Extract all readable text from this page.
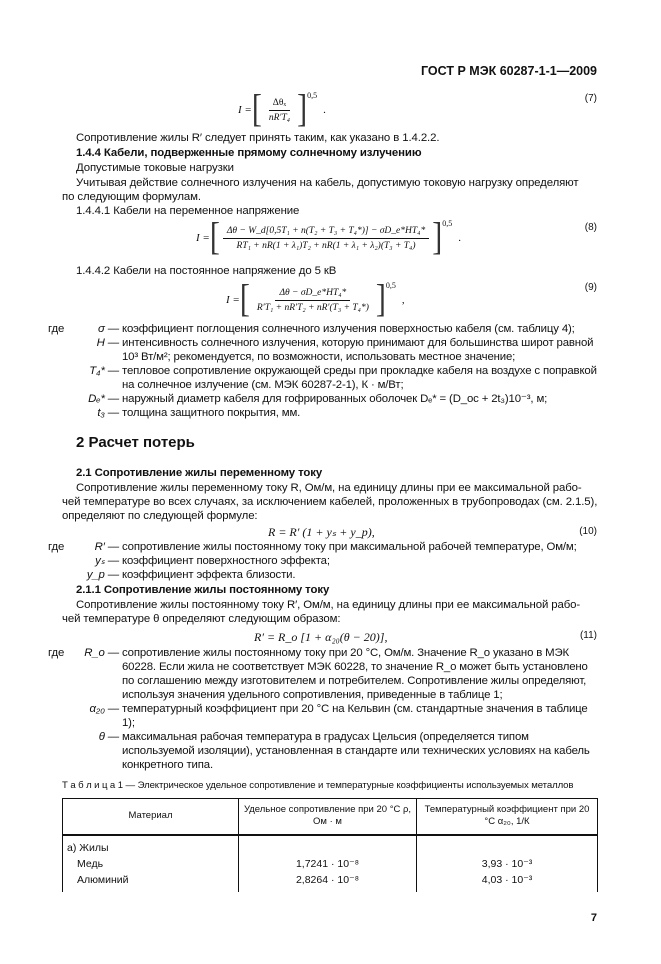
ГОСТ Р МЭК 60287-1-1—2009
I = [ $\frac{\text{Δθₓ}}{\text{nR′T₄}}$ ] 0,5
.
(7)
Сопротивление жилы R′ следует принять таким, как указано в 1.4.2.2.
1.4.4 Кабели, подверженные прямому солнечному излучению
Допустимые токовые нагрузки
Учитывая действие солнечного излучения на кабель, допустимую токовую нагрузку определяют
по следующим формулам.
1.4.4.1 Кабели на переменное напряжение
I = [ $\frac{\text{Δθ − W\_d[0,5T₁ + n(T₂ + T₃ + T₄*)] − σD\_e*HT₄*}}{\text{RT₁ + nR(1 + λ₁)T₂ + nR(1 + λ₁ + λ₂)(T₃ + T₄)}}$ ] 0,5
.
(8)
1.4.4.2 Кабели на постоянное напряжение до 5 кВ
I = [ $\frac{\text{Δθ − σD\_e*HT₄*}}{\text{R′T₁ + nR′T₂ + nR′(T₃ + T₄*)}}$ ] 0,5
,
(9)
где	σ — коэффициент поглощения солнечного излучения поверхностью кабеля (см. таблицу 4);
H — интенсивность солнечного излучения, которую принимают для большинства широт равной 10³ Вт/м²; рекомендуется, по возможности, использовать местное значение;
T₄* — тепловое сопротивление окружающей среды при прокладке кабеля на воздухе с поправкой на солнечное излучение (см. МЭК 60287-2-1), К · м/Вт;
Dₑ* — наружный диаметр кабеля для гофрированных оболочек Dₑ* = (D_oc + 2t₃)10⁻³, м;
t₃ — толщина защитного покрытия, мм.
2 Расчет потерь
2.1 Сопротивление жилы переменному току
Сопротивление жилы переменному току R, Ом/м, на единицу длины при ее максимальной рабо-
чей температуре во всех случаях, за исключением кабелей, проложенных в трубопроводах (см. 2.1.5),
определяют по следующей формуле:
R = R′ (1 + yₛ + y_p),	(10)
где	R′ — сопротивление жилы постоянному току при максимальной рабочей температуре, Ом/м;
yₛ — коэффициент поверхностного эффекта;
y_p — коэффициент эффекта близости.
2.1.1 Сопротивление жилы постоянному току
Сопротивление жилы постоянному току R′, Ом/м, на единицу длины при ее максимальной рабо-
чей температуре θ определяют следующим образом:
R′ = R_o [1 + α₂₀(θ − 20)],	(11)
где	R_o — сопротивление жилы постоянному току при 20 °С, Ом/м. Значение R_o указано в МЭК 60228. Если жила не соответствует МЭК 60228, то значение R_o может быть установлено по соглашению между изготовителем и потребителем. Сопротивление жилы определяют, используя значения удельного сопротивления, приведенные в таблице 1;
α₂₀ — температурный коэффициент при 20 °С на Кельвин (см. стандартные значения в таблице 1);
θ — максимальная рабочая температура в градусах Цельсия (определяется типом используемой изоляции), установленная в стандарте или технических условиях на кабель конкретного типа.
Т а б л и ц а 1 — Электрическое удельное сопротивление и температурные коэффициенты используемых металлов
Материал	Удельное сопротивление при 20 °С ρ, Ом · м	Температурный коэффициент при 20 °С α₂₀, 1/К
а) Жилы		
Медь	1,7241 · 10⁻⁸	3,93 · 10⁻³
Алюминий	2,8264 · 10⁻⁸	4,03 · 10⁻³
7
